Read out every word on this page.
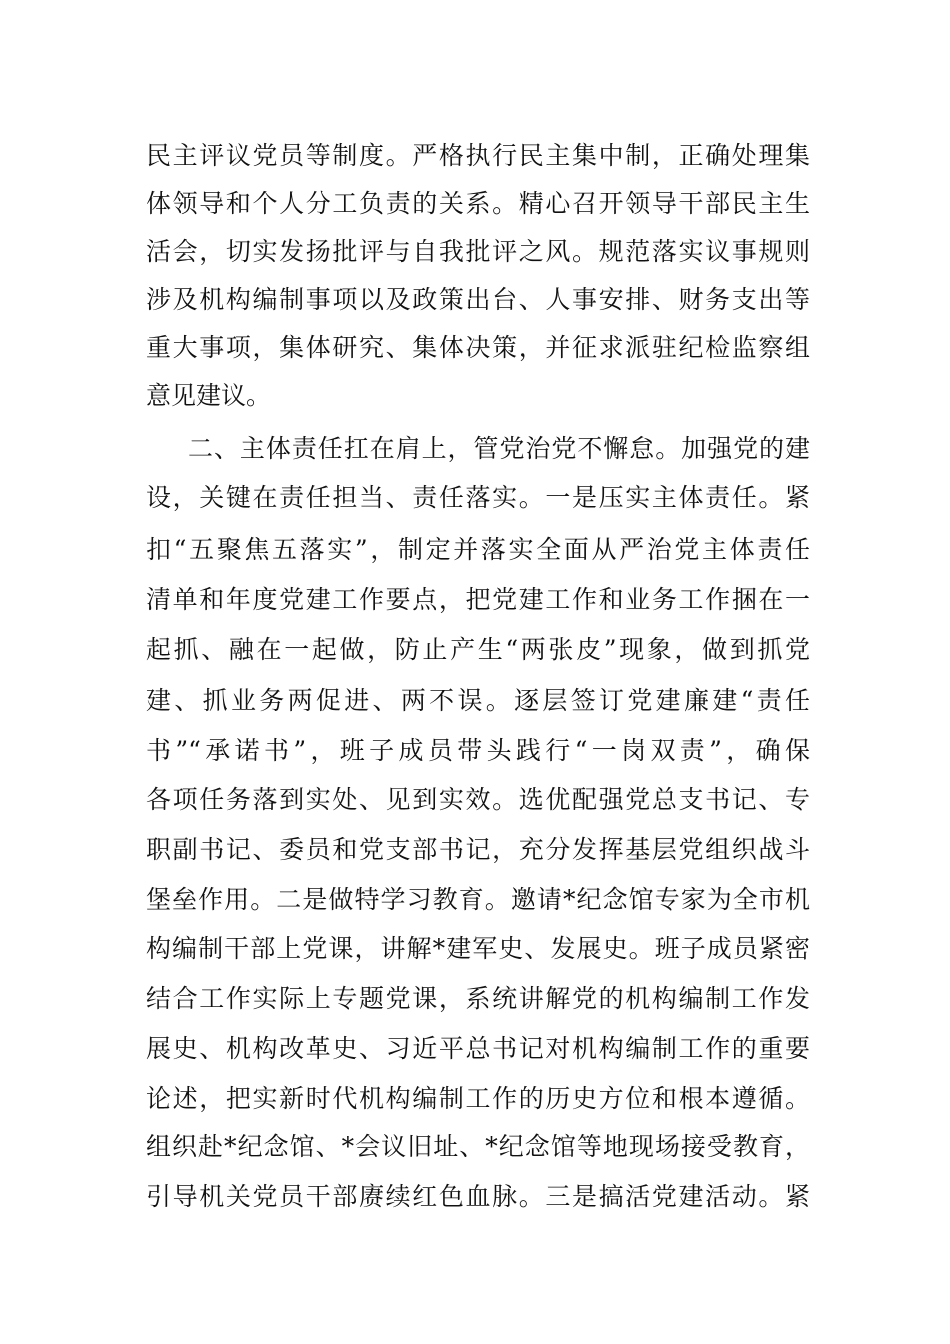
民主评议党员等制度。严格执行民主集中制，正确处理集
体领导和个人分工负责的关系。精心召开领导干部民主生
活会，切实发扬批评与自我批评之风。规范落实议事规则
涉及机构编制事项以及政策出台、人事安排、财务支出等
重大事项，集体研究、集体决策，并征求派驻纪检监察组
意见建议。
二、主体责任扛在肩上，管党治党不懈怠。加强党的建
设，关键在责任担当、责任落实。一是压实主体责任。紧
扣“五聚焦五落实”，制定并落实全面从严治党主体责任
清单和年度党建工作要点，把党建工作和业务工作捆在一
起抓、融在一起做，防止产生“两张皮”现象，做到抓党
建、抓业务两促进、两不误。逐层签订党建廉建“责任
书”“承诺书”，班子成员带头践行“一岗双责”，确保
各项任务落到实处、见到实效。选优配强党总支书记、专
职副书记、委员和党支部书记，充分发挥基层党组织战斗
堡垒作用。二是做特学习教育。邀请*纪念馆专家为全市机
构编制干部上党课，讲解*建军史、发展史。班子成员紧密
结合工作实际上专题党课，系统讲解党的机构编制工作发
展史、机构改革史、习近平总书记对机构编制工作的重要
论述，把实新时代机构编制工作的历史方位和根本遵循。
组织赴*纪念馆、*会议旧址、*纪念馆等地现场接受教育，
引导机关党员干部赓续红色血脉。三是搞活党建活动。紧
